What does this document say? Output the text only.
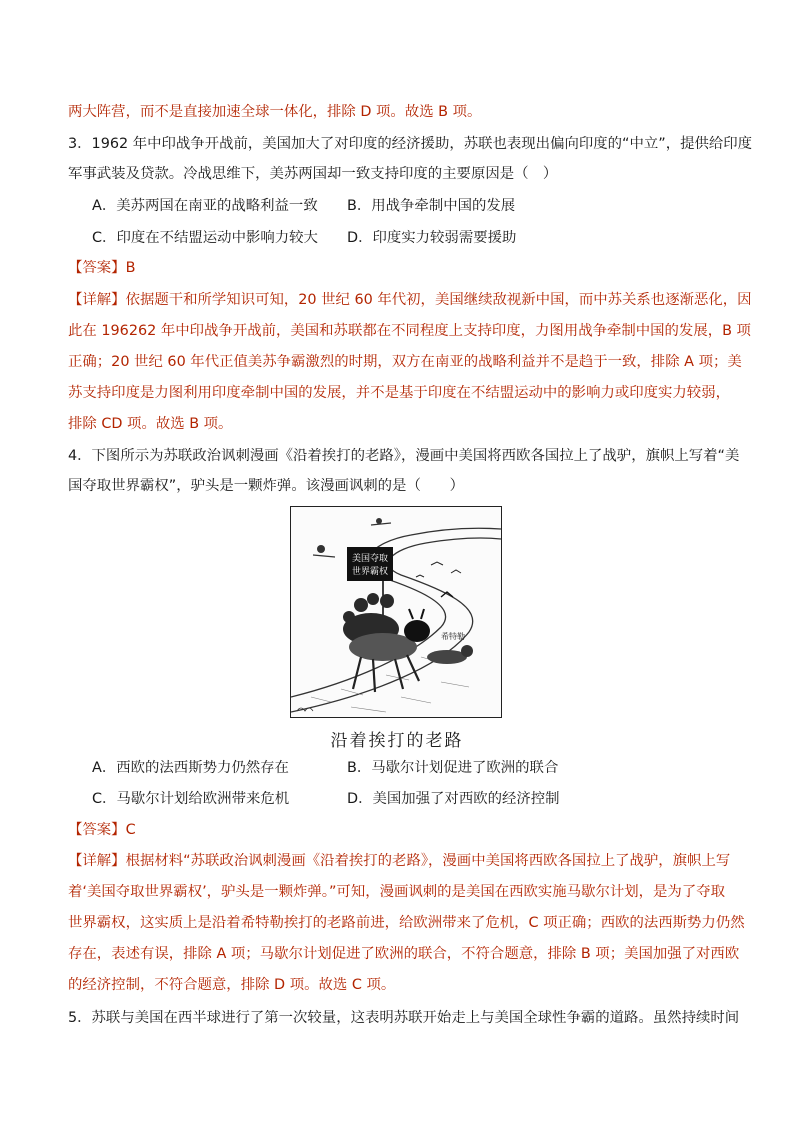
两大阵营，而不是直接加速全球一体化，排除 D 项。故选 B 项。
3．1962 年中印战争开战前，美国加大了对印度的经济援助，苏联也表现出偏向印度的“中立”，提供给印度
军事武装及贷款。冷战思维下，美苏两国却一致支持印度的主要原因是（　）
A．美苏两国在南亚的战略利益一致 B．用战争牵制中国的发展
C．印度在不结盟运动中影响力较大 D．印度实力较弱需要援助
【答案】B
【详解】依据题干和所学知识可知，20 世纪 60 年代初，美国继续敌视新中国，而中苏关系也逐渐恶化，因
此在 196262 年中印战争开战前，美国和苏联都在不同程度上支持印度，力图用战争牵制中国的发展，B 项
正确；20 世纪 60 年代正值美苏争霸激烈的时期，双方在南亚的战略利益并不是趋于一致，排除 A 项；美
苏支持印度是力图利用印度牵制中国的发展，并不是基于印度在不结盟运动中的影响力或印度实力较弱，
排除 CD 项。故选 B 项。
4．下图所示为苏联政治讽刺漫画《沿着挨打的老路》，漫画中美国将西欧各国拉上了战驴，旗帜上写着“美
国夺取世界霸权”，驴头是一颗炸弹。该漫画讽刺的是（　　）
美国夺取
世界霸权
希特勒
沿着挨打的老路
A．西欧的法西斯势力仍然存在	B．马歇尔计划促进了欧洲的联合
C．马歇尔计划给欧洲带来危机	D．美国加强了对西欧的经济控制
【答案】C
【详解】根据材料“苏联政治讽刺漫画《沿着挨打的老路》，漫画中美国将西欧各国拉上了战驴，旗帜上写
着‘美国夺取世界霸权’，驴头是一颗炸弹。”可知，漫画讽刺的是美国在西欧实施马歇尔计划，是为了夺取
世界霸权，这实质上是沿着希特勒挨打的老路前进，给欧洲带来了危机，C 项正确；西欧的法西斯势力仍然
存在，表述有误，排除 A 项；马歇尔计划促进了欧洲的联合，不符合题意，排除 B 项；美国加强了对西欧
的经济控制，不符合题意，排除 D 项。故选 C 项。
5．苏联与美国在西半球进行了第一次较量，这表明苏联开始走上与美国全球性争霸的道路。虽然持续时间
